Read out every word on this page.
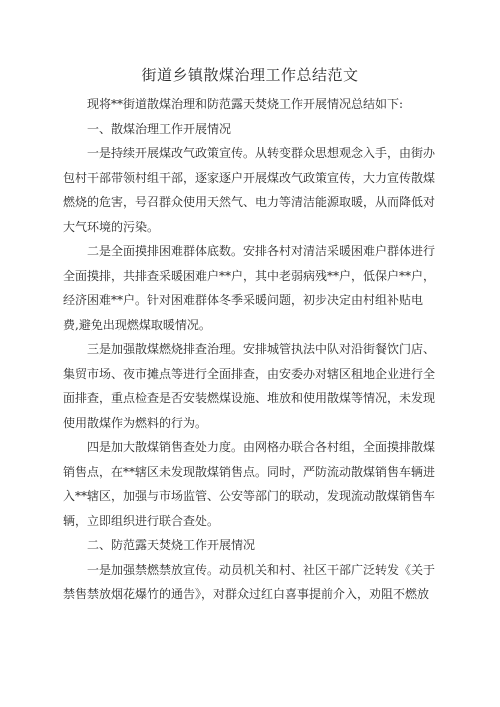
街道乡镇散煤治理工作总结范文

现将**街道散煤治理和防范露天焚烧工作开展情况总结如下:

一、散煤治理工作开展情况

一是持续开展煤改气政策宣传。从转变群众思想观念入手，由街办包村干部带领村组干部，逐家逐户开展煤改气政策宣传，大力宣传散煤燃烧的危害，号召群众使用天然气、电力等清洁能源取暖，从而降低对大气环境的污染。

二是全面摸排困难群体底数。安排各村对清洁采暖困难户群体进行全面摸排，共排查采暖困难户**户，其中老弱病残**户，低保户**户，经济困难**户。针对困难群体冬季采暖问题，初步决定由村组补贴电费,避免出现燃煤取暖情况。

三是加强散煤燃烧排查治理。安排城管执法中队对沿街餐饮门店、集贸市场、夜市摊点等进行全面排查，由安委办对辖区租地企业进行全面排查，重点检查是否安装燃煤设施、堆放和使用散煤等情况，未发现使用散煤作为燃料的行为。

四是加大散煤销售查处力度。由网格办联合各村组，全面摸排散煤销售点，在**辖区未发现散煤销售点。同时，严防流动散煤销售车辆进入**辖区，加强与市场监管、公安等部门的联动，发现流动散煤销售车辆，立即组织进行联合查处。

二、防范露天焚烧工作开展情况

一是加强禁燃禁放宣传。动员机关和村、社区干部广泛转发《关于禁售禁放烟花爆竹的通告》，对群众过红白喜事提前介入，劝阻不燃放
